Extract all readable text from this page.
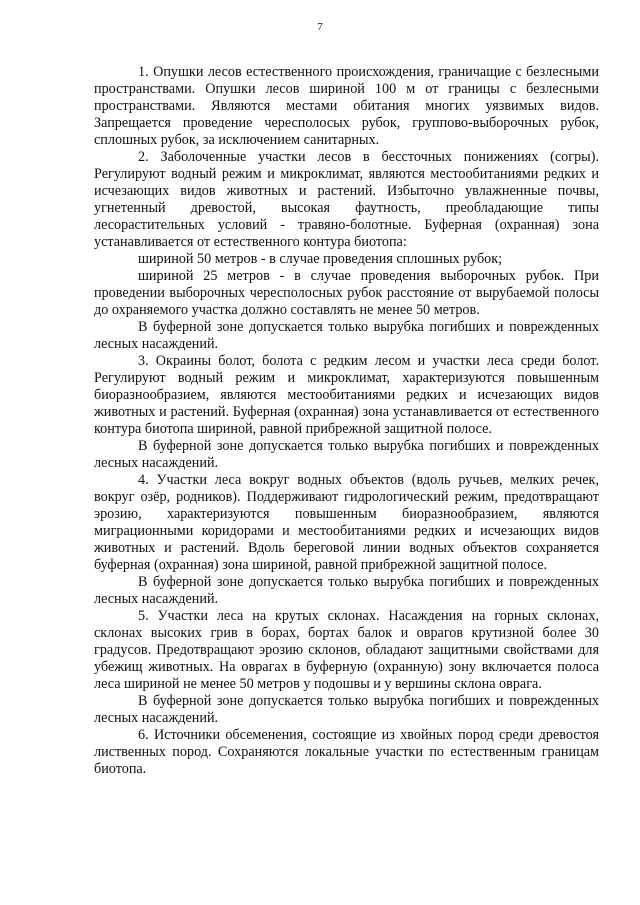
7

1. Опушки лесов естественного происхождения, граничащие с безлесными пространствами. Опушки лесов шириной 100 м от границы с безлесными пространствами. Являются местами обитания многих уязвимых видов. Запрещается проведение чересполосых рубок, группово-выборочных рубок, сплошных рубок, за исключением санитарных.

2. Заболоченные участки лесов в бессточных понижениях (согры). Регулируют водный режим и микроклимат, являются местообитаниями редких и исчезающих видов животных и растений. Избыточно увлажненные почвы, угнетенный древостой, высокая фаутность, преобладающие типы лесорастительных условий - травяно-болотные. Буферная (охранная) зона устанавливается от естественного контура биотопа:

шириной 50 метров - в случае проведения сплошных рубок;

шириной 25 метров - в случае проведения выборочных рубок. При проведении выборочных чересполосных рубок расстояние от вырубаемой полосы до охраняемого участка должно составлять не менее 50 метров.

В буферной зоне допускается только вырубка погибших и поврежденных лесных насаждений.

3. Окраины болот, болота с редким лесом и участки леса среди болот. Регулируют водный режим и микроклимат, характеризуются повышенным биоразнообразием, являются местообитаниями редких и исчезающих видов животных и растений. Буферная (охранная) зона устанавливается от естественного контура биотопа шириной, равной прибрежной защитной полосе.

В буферной зоне допускается только вырубка погибших и поврежденных лесных насаждений.

4. Участки леса вокруг водных объектов (вдоль ручьев, мелких речек, вокруг озёр, родников). Поддерживают гидрологический режим, предотвращают эрозию, характеризуются повышенным биоразнообразием, являются миграционными коридорами и местообитаниями редких и исчезающих видов животных и растений. Вдоль береговой линии водных объектов сохраняется буферная (охранная) зона шириной, равной прибрежной защитной полосе.

В буферной зоне допускается только вырубка погибших и поврежденных лесных насаждений.

5. Участки леса на крутых склонах. Насаждения на горных склонах, склонах высоких грив в борах, бортах балок и оврагов крутизной более 30 градусов. Предотвращают эрозию склонов, обладают защитными свойствами для убежищ животных. На оврагах в буферную (охранную) зону включается полоса леса шириной не менее 50 метров у подошвы и у вершины склона оврага.

В буферной зоне допускается только вырубка погибших и поврежденных лесных насаждений.

6. Источники обсеменения, состоящие из хвойных пород среди древостоя лиственных пород. Сохраняются локальные участки по естественным границам биотопа.
